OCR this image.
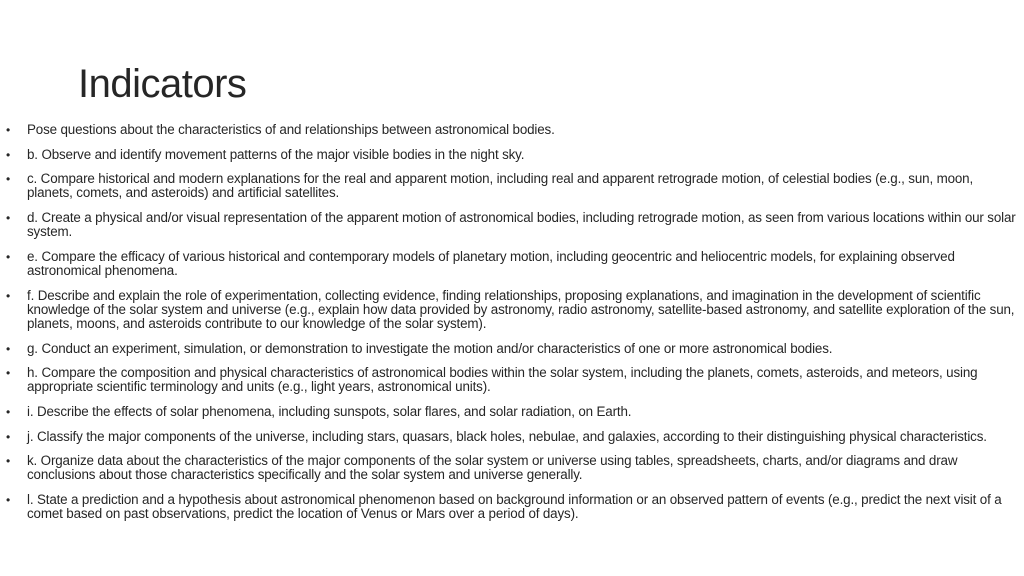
Indicators
• Pose questions about the characteristics of and relationships between astronomical bodies.
• b. Observe and identify movement patterns of the major visible bodies in the night sky.
• c. Compare historical and modern explanations for the real and apparent motion, including real and apparent retrograde motion, of celestial bodies (e.g., sun, moon, planets, comets, and asteroids) and artificial satellites.
• d. Create a physical and/or visual representation of the apparent motion of astronomical bodies, including retrograde motion, as seen from various locations within our solar system.
• e. Compare the efficacy of various historical and contemporary models of planetary motion, including geocentric and heliocentric models, for explaining observed astronomical phenomena.
• f. Describe and explain the role of experimentation, collecting evidence, finding relationships, proposing explanations, and imagination in the development of scientific knowledge of the solar system and universe (e.g., explain how data provided by astronomy, radio astronomy, satellite-based astronomy, and satellite exploration of the sun, planets, moons, and asteroids contribute to our knowledge of the solar system).
• g. Conduct an experiment, simulation, or demonstration to investigate the motion and/or characteristics of one or more astronomical bodies.
• h. Compare the composition and physical characteristics of astronomical bodies within the solar system, including the planets, comets, asteroids, and meteors, using appropriate scientific terminology and units (e.g., light years, astronomical units).
• i. Describe the effects of solar phenomena, including sunspots, solar flares, and solar radiation, on Earth.
• j. Classify the major components of the universe, including stars, quasars, black holes, nebulae, and galaxies, according to their distinguishing physical characteristics.
• k. Organize data about the characteristics of the major components of the solar system or universe using tables, spreadsheets, charts, and/or diagrams and draw conclusions about those characteristics specifically and the solar system and universe generally.
• l. State a prediction and a hypothesis about astronomical phenomenon based on background information or an observed pattern of events (e.g., predict the next visit of a comet based on past observations, predict the location of Venus or Mars over a period of days).
